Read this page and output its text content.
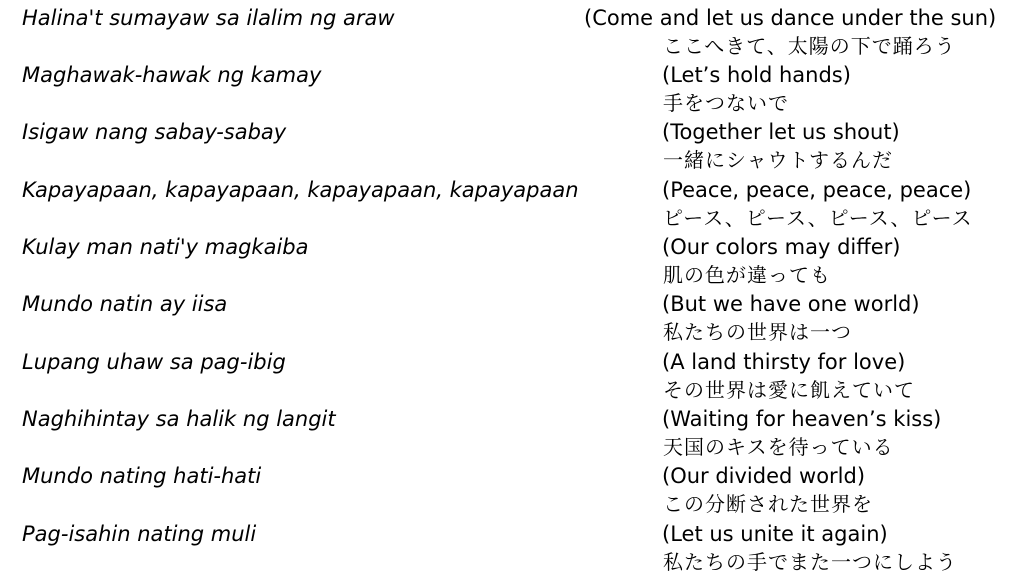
Halina't sumayaw sa ilalim ng araw	(Come and let us dance under the sun)
ここへきて、太陽の下で踊ろう
Maghawak-hawak ng kamay	(Let’s hold hands)
手をつないで
Isigaw nang sabay-sabay	(Together let us shout)
一緒にシャウトするんだ
Kapayapaan, kapayapaan, kapayapaan, kapayapaan	(Peace, peace, peace, peace)
ピース、ピース、ピース、ピース
Kulay man nati'y magkaiba	(Our colors may differ)
肌の色が違っても
Mundo natin ay iisa	(But we have one world)
私たちの世界は一つ
Lupang uhaw sa pag-ibig	(A land thirsty for love)
その世界は愛に飢えていて
Naghihintay sa halik ng langit	(Waiting for heaven’s kiss)
天国のキスを待っている
Mundo nating hati-hati	(Our divided world)
この分断された世界を
Pag-isahin nating muli	(Let us unite it again)
私たちの手でまた一つにしよう
